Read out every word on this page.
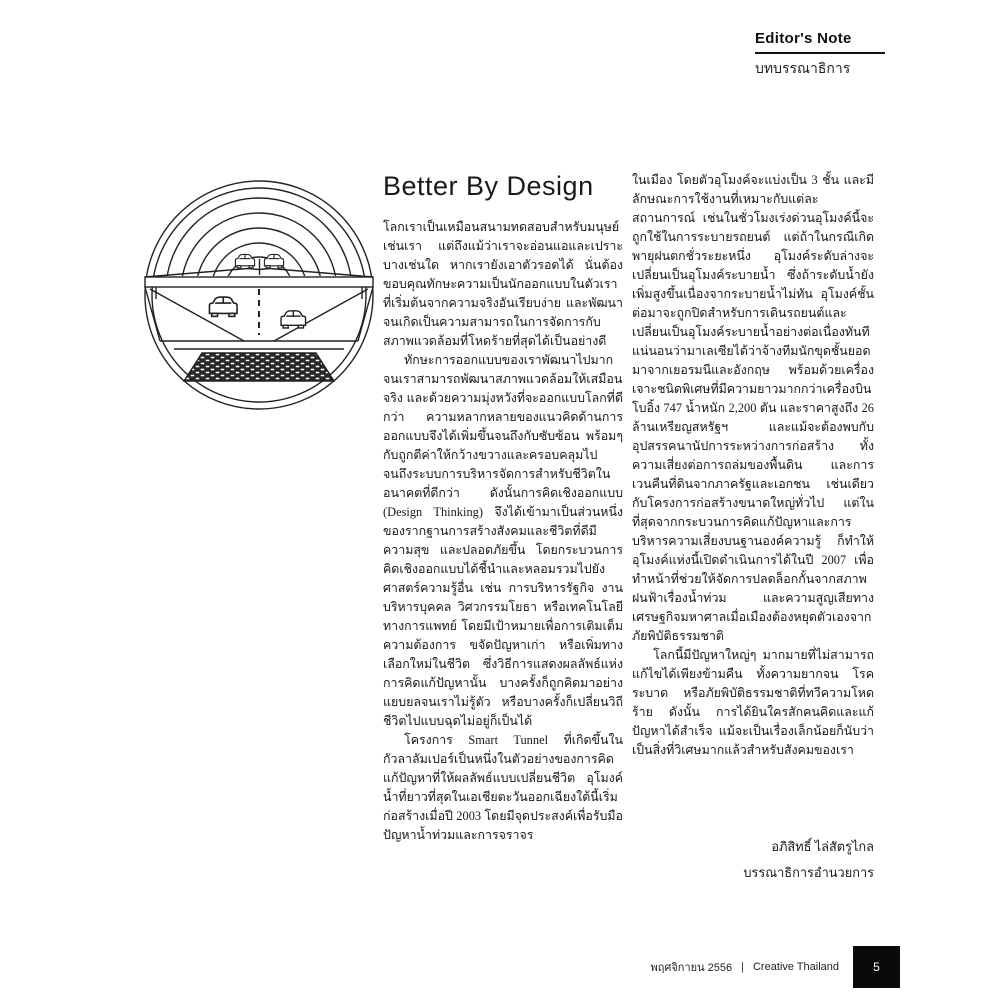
Editor's Note
บทบรรณาธิการ
Better By Design

โลกเราเป็นเหมือนสนามทดสอบสำหรับมนุษย์เช่นเรา แต่ถึงแม้ว่าเราจะอ่อนแอและเปราะบางเช่นใด หากเรายังเอาตัวรอดได้ นั่นต้องขอบคุณทักษะความเป็นนักออกแบบในตัวเรา ที่เริ่มต้นจากความจริงอันเรียบง่าย และพัฒนาจนเกิดเป็นความสามารถในการจัดการกับสภาพแวดล้อมที่โหดร้ายที่สุดได้เป็นอย่างดี

ทักษะการออกแบบของเราพัฒนาไปมาก จนเราสามารถพัฒนาสภาพแวดล้อมให้เสมือนจริง และด้วยความมุ่งหวังที่จะออกแบบโลกที่ดีกว่า ความหลากหลายของแนวคิดด้านการออกแบบจึงได้เพิ่มขึ้นจนถึงกับซับซ้อน พร้อมๆ กับถูกตีค่าให้กว้างขวางและครอบคลุมไปจนถึงระบบการบริหารจัดการสำหรับชีวิตในอนาคตที่ดีกว่า ดังนั้นการคิดเชิงออกแบบ (Design Thinking) จึงได้เข้ามาเป็นส่วนหนึ่งของรากฐานการสร้างสังคมและชีวิตที่ดีมีความสุข และปลอดภัยขึ้น โดยกระบวนการคิดเชิงออกแบบได้ชี้นำและหลอมรวมไปยังศาสตร์ความรู้อื่น เช่น การบริหารรัฐกิจ งานบริหารบุคคล วิศวกรรมโยธา หรือเทคโนโลยีทางการแพทย์ โดยมีเป้าหมายเพื่อการเติมเต็มความต้องการ ขจัดปัญหาเก่า หรือเพิ่มทางเลือกใหม่ในชีวิต ซึ่งวิธีการแสดงผลลัพธ์แห่งการคิดแก้ปัญหานั้น บางครั้งก็ถูกคิดมาอย่างแยบยลจนเราไม่รู้ตัว หรือบางครั้งก็เปลี่ยนวิถีชีวิตไปแบบฉุดไม่อยู่ก็เป็นได้

โครงการ Smart Tunnel ที่เกิดขึ้นในกัวลาลัมเปอร์เป็นหนึ่งในตัวอย่างของการคิดแก้ปัญหาที่ให้ผลลัพธ์แบบเปลี่ยนชีวิต อุโมงค์น้ำที่ยาวที่สุดในเอเชียตะวันออกเฉียงใต้นี้เริ่มก่อสร้างเมื่อปี 2003 โดยมีจุดประสงค์เพื่อรับมือปัญหาน้ำท่วมและการจราจร

ในเมือง โดยตัวอุโมงค์จะแบ่งเป็น 3 ชั้น และมีลักษณะการใช้งานที่เหมาะกับแต่ละสถานการณ์ เช่นในชั่วโมงเร่งด่วนอุโมงค์นี้จะถูกใช้ในการระบายรถยนต์ แต่ถ้าในกรณีเกิดพายุฝนตกชั่วระยะหนึ่ง อุโมงค์ระดับล่างจะเปลี่ยนเป็นอุโมงค์ระบายน้ำ ซึ่งถ้าระดับน้ำยังเพิ่มสูงขึ้นเนื่องจากระบายน้ำไม่ทัน อุโมงค์ชั้นต่อมาจะถูกปิดสำหรับการเดินรถยนต์และเปลี่ยนเป็นอุโมงค์ระบายน้ำอย่างต่อเนื่องทันที แน่นอนว่ามาเลเซียได้ว่าจ้างทีมนักขุดชั้นยอดมาจากเยอรมนีและอังกฤษ พร้อมด้วยเครื่องเจาะชนิดพิเศษที่มีความยาวมากกว่าเครื่องบินโบอิ้ง 747 น้ำหนัก 2,200 ตัน และราคาสูงถึง 26 ล้านเหรียญสหรัฐฯ และแม้จะต้องพบกับอุปสรรคนานัปการระหว่างการก่อสร้าง ทั้งความเสี่ยงต่อการถล่มของพื้นดิน และการเวนคืนที่ดินจากภาครัฐและเอกชน เช่นเดียวกับโครงการก่อสร้างขนาดใหญ่ทั่วไป แต่ในที่สุดจากกระบวนการคิดแก้ปัญหาและการบริหารความเสี่ยงบนฐานองค์ความรู้ ก็ทำให้อุโมงค์แห่งนี้เปิดดำเนินการได้ในปี 2007 เพื่อทำหน้าที่ช่วยให้จัดการปลดล็อกกั้นจากสภาพฝนฟ้าเรื่องน้ำท่วม และความสูญเสียทางเศรษฐกิจมหาศาลเมื่อเมืองต้องหยุดตัวเองจากภัยพิบัติธรรมชาติ

โลกนี้มีปัญหาใหญ่ๆ มากมายที่ไม่สามารถแก้ไขได้เพียงข้ามคืน ทั้งความยากจน โรคระบาด หรือภัยพิบัติธรรมชาติที่ทวีความโหดร้าย ดังนั้น การได้ยินใครสักคนคิดและแก้ปัญหาได้สำเร็จ แม้จะเป็นเรื่องเล็กน้อยก็นับว่าเป็นสิ่งที่วิเศษมากแล้วสำหรับสังคมของเรา

อภิสิทธิ์ ไล่สัตรูไกล
บรรณาธิการอำนวยการ
พฤศจิกายน 2556 | Creative Thailand	5
